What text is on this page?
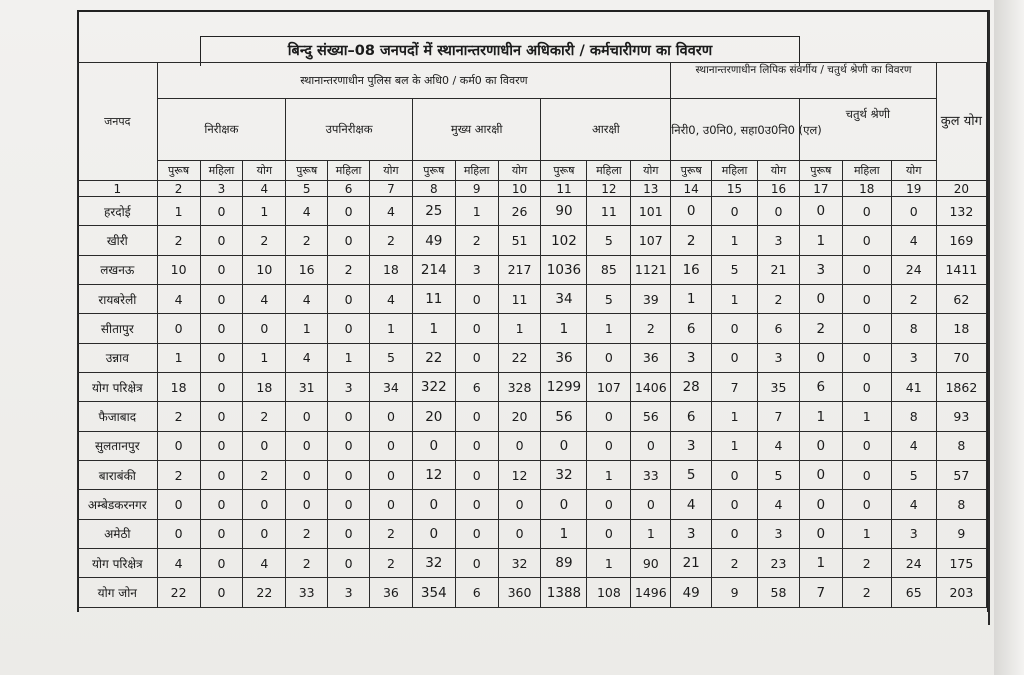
बिन्दु संख्या–08 जनपदों में स्थानान्तरणाधीन अधिकारी / कर्मचारीगण का विवरण
जनपद	स्थानान्तरणाधीन पुलिस बल के अधि0 / कर्म0 का विवरण												स्थानान्तरणाधीन लिपिक संवर्गीय / चतुर्थ श्रेणी का विवरण						कुल योग
	निरीक्षक			उपनिरीक्षक			मुख्य आरक्षी			आरक्षी			निरी0, उ0नि0, सहा0उ0नि0 (एल)			चतुर्थ श्रेणी			
	पुरूष	महिला	योग	पुरूष	महिला	योग	पुरूष	महिला	योग	पुरूष	महिला	योग	पुरूष	महिला	योग	पुरूष	महिला	योग	
1	2	3	4	5	6	7	8	9	10	11	12	13	14	15	16	17	18	19	20
हरदोई	1	0	1	4	0	4	25	1	26	90	11	101	0	0	0	0	0	0	132
खीरी	2	0	2	2	0	2	49	2	51	102	5	107	2	1	3	1	0	4	169
लखनऊ	10	0	10	16	2	18	214	3	217	1036	85	1121	16	5	21	3	0	24	1411
रायबरेली	4	0	4	4	0	4	11	0	11	34	5	39	1	1	2	0	0	2	62
सीतापुर	0	0	0	1	0	1	1	0	1	1	1	2	6	0	6	2	0	8	18
उन्नाव	1	0	1	4	1	5	22	0	22	36	0	36	3	0	3	0	0	3	70
योग परिक्षेत्र	18	0	18	31	3	34	322	6	328	1299	107	1406	28	7	35	6	0	41	1862
फैजाबाद	2	0	2	0	0	0	20	0	20	56	0	56	6	1	7	1	1	8	93
सुलतानपुर	0	0	0	0	0	0	0	0	0	0	0	0	3	1	4	0	0	4	8
बाराबंकी	2	0	2	0	0	0	12	0	12	32	1	33	5	0	5	0	0	5	57
अम्बेडकरनगर	0	0	0	0	0	0	0	0	0	0	0	0	4	0	4	0	0	4	8
अमेठी	0	0	0	2	0	2	0	0	0	1	0	1	3	0	3	0	1	3	9
योग परिक्षेत्र	4	0	4	2	0	2	32	0	32	89	1	90	21	2	23	1	2	24	175
योग जोन	22	0	22	33	3	36	354	6	360	1388	108	1496	49	9	58	7	2	65	203
